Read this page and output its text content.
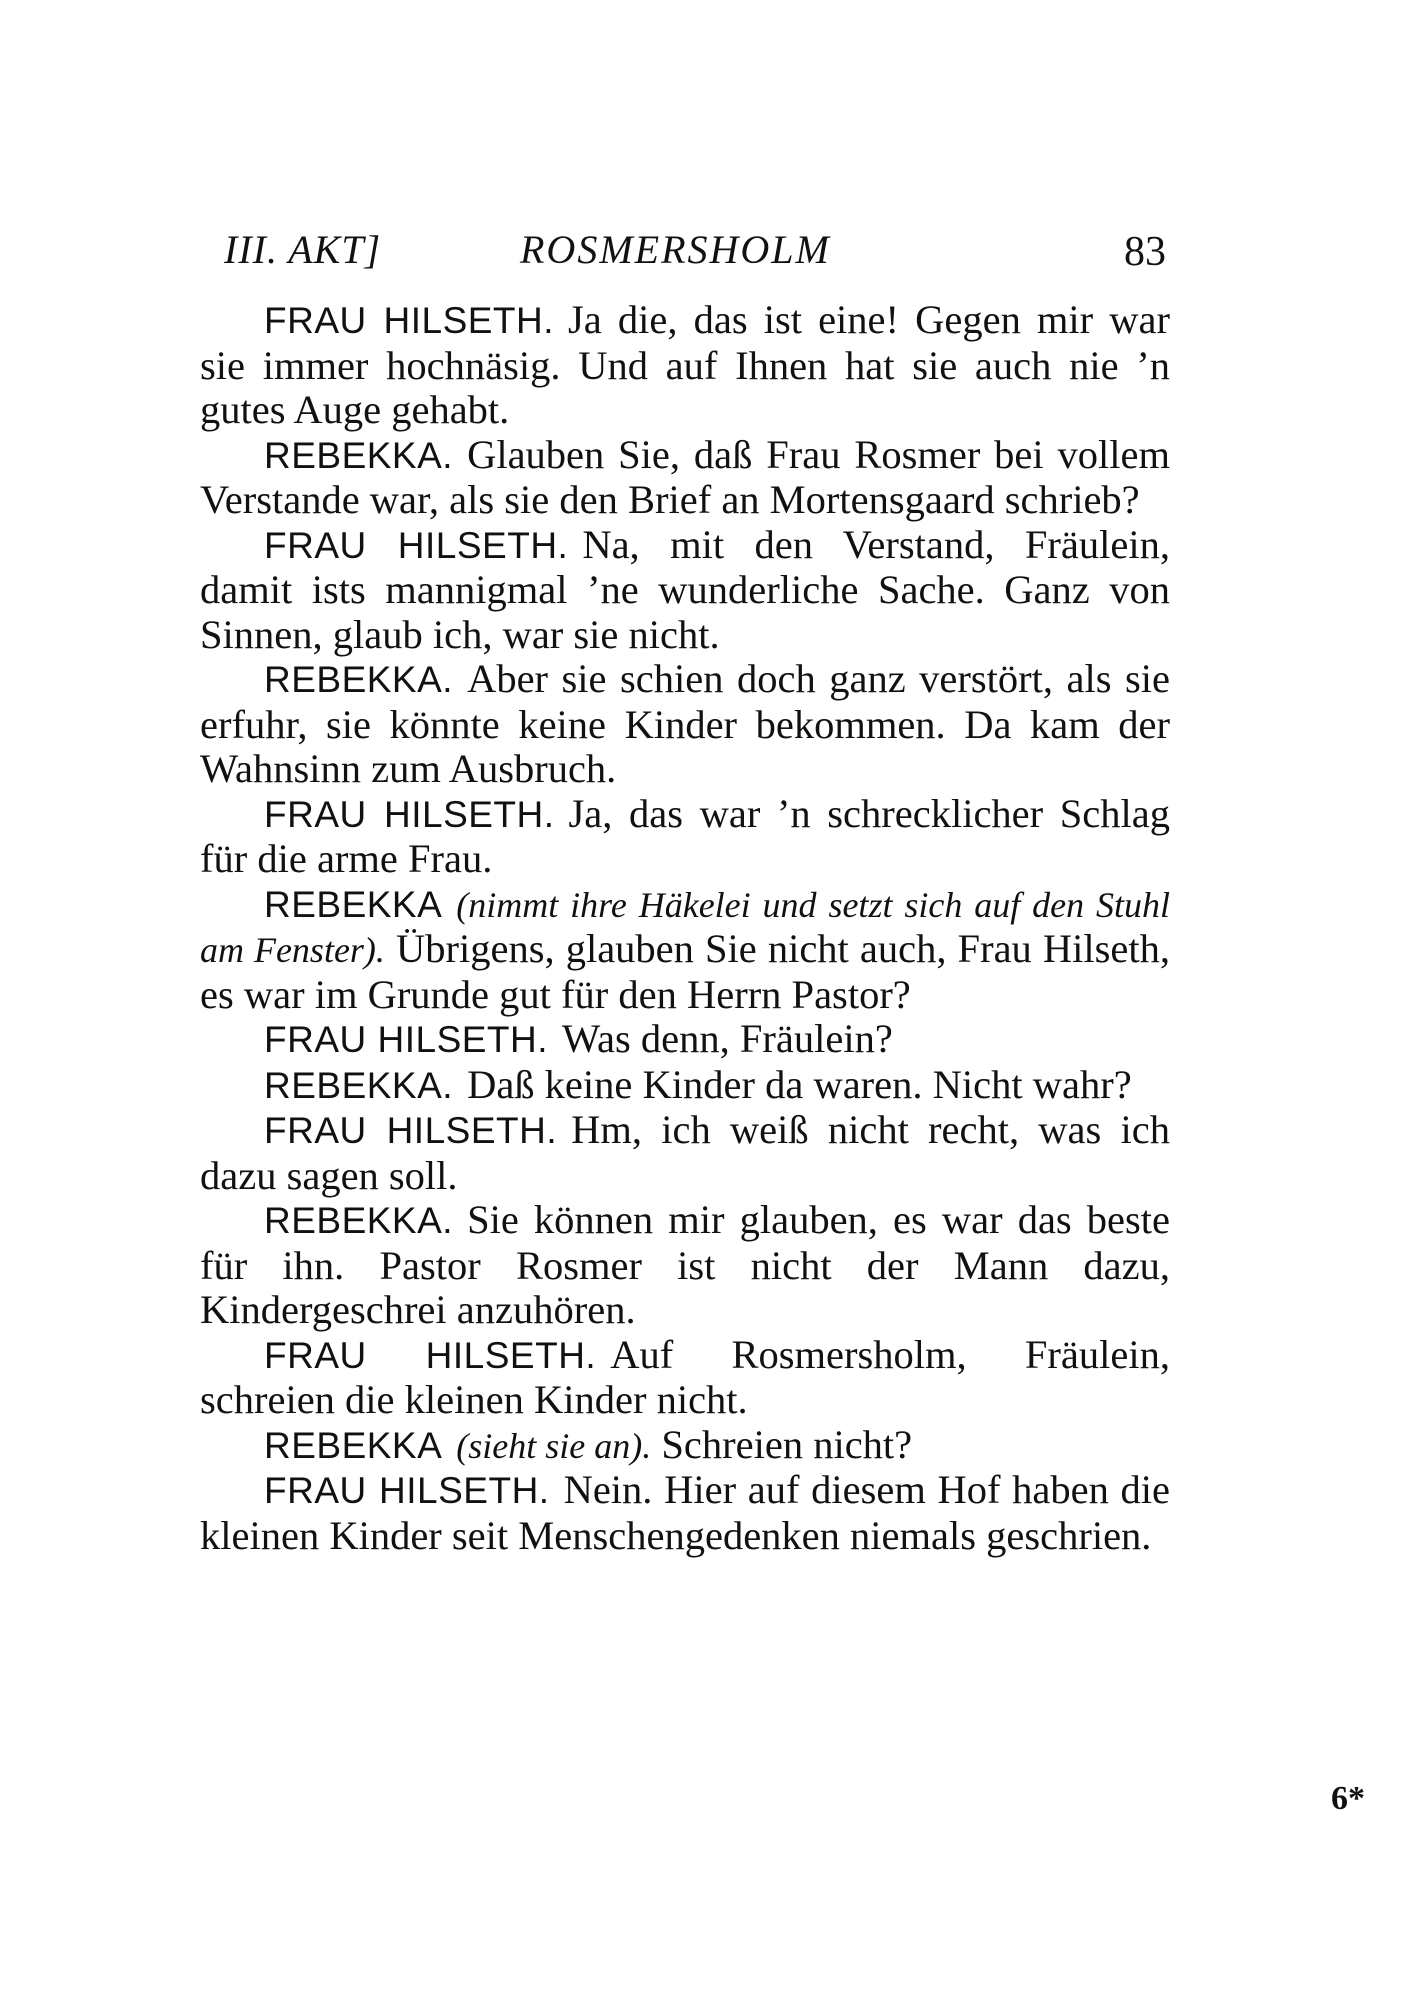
III. AKT]	ROSMERSHOLM	83

FRAU HILSETH. Ja die, das ist eine! Gegen mir war sie immer hochnäsig. Und auf Ihnen hat sie auch nie ’n gutes Auge gehabt.

REBEKKA. Glauben Sie, daß Frau Rosmer bei vollem Verstande war, als sie den Brief an Mortensgaard schrieb?

FRAU HILSETH. Na, mit den Verstand, Fräulein, damit ists mannigmal ’ne wunderliche Sache. Ganz von Sinnen, glaub ich, war sie nicht.

REBEKKA. Aber sie schien doch ganz verstört, als sie erfuhr, sie könnte keine Kinder bekommen. Da kam der Wahnsinn zum Ausbruch.

FRAU HILSETH. Ja, das war ’n schrecklicher Schlag für die arme Frau.

REBEKKA (nimmt ihre Häkelei und setzt sich auf den Stuhl am Fenster). Übrigens, glauben Sie nicht auch, Frau Hilseth, es war im Grunde gut für den Herrn Pastor?

FRAU HILSETH. Was denn, Fräulein?

REBEKKA. Daß keine Kinder da waren. Nicht wahr?

FRAU HILSETH. Hm, ich weiß nicht recht, was ich dazu sagen soll.

REBEKKA. Sie können mir glauben, es war das beste für ihn. Pastor Rosmer ist nicht der Mann dazu, Kindergeschrei anzuhören.

FRAU HILSETH. Auf Rosmersholm, Fräulein, schreien die kleinen Kinder nicht.

REBEKKA (sieht sie an). Schreien nicht?

FRAU HILSETH. Nein. Hier auf diesem Hof haben die kleinen Kinder seit Menschengedenken niemals geschrien.

6*
